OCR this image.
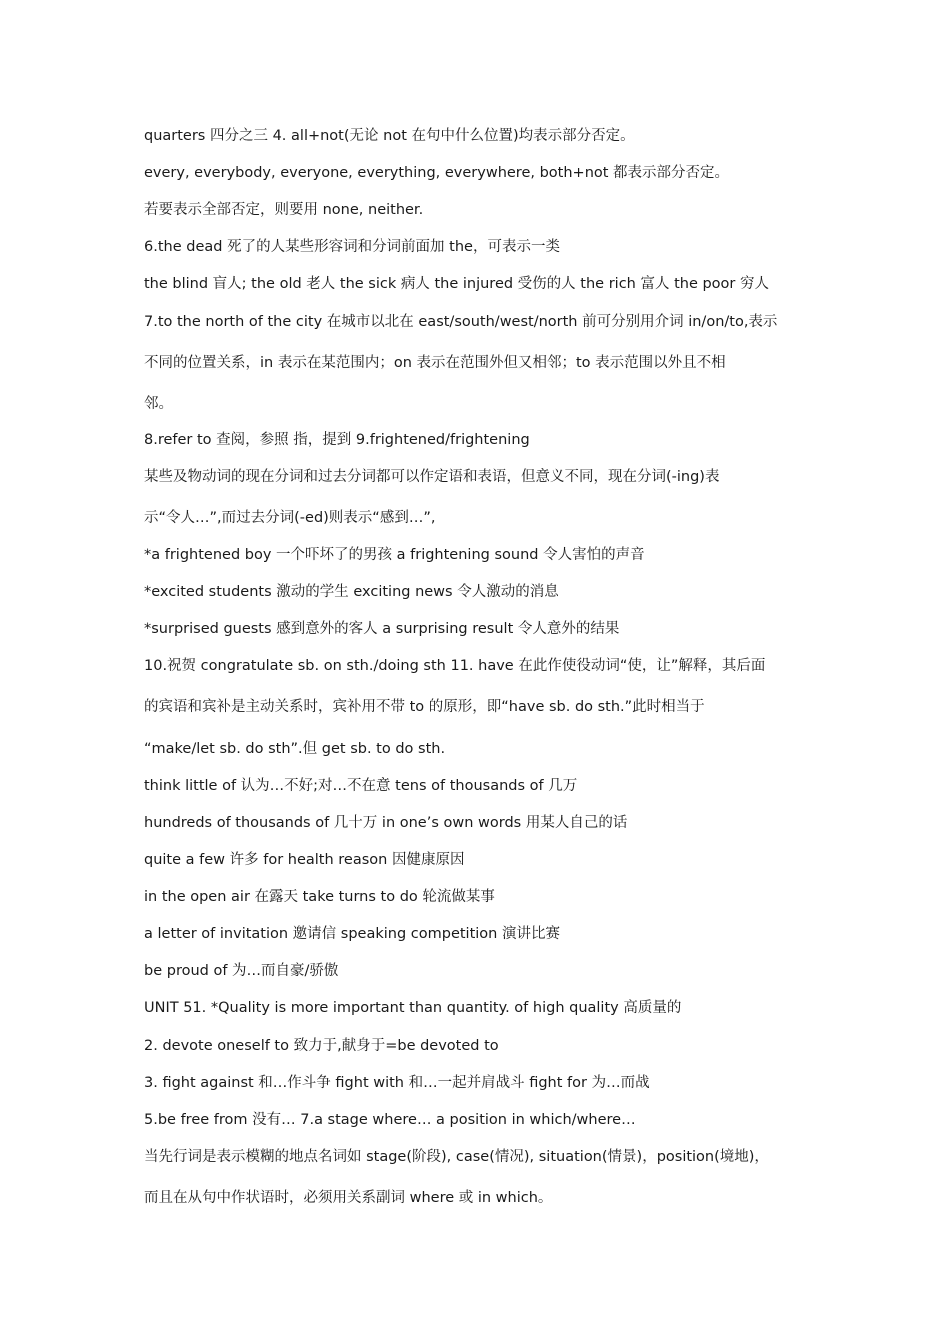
quarters 四分之三 4. all+not(无论 not 在句中什么位置)均表示部分否定。
every, everybody, everyone, everything, everywhere, both+not 都表示部分否定。
若要表示全部否定，则要用 none, neither.
6.the dead 死了的人某些形容词和分词前面加 the，可表示一类
the blind 盲人; the old 老人 the sick 病人 the injured 受伤的人 the rich 富人 the poor 穷人
7.to the north of the city 在城市以北在 east/south/west/north 前可分别用介词 in/on/to,表示
不同的位置关系，in 表示在某范围内；on 表示在范围外但又相邻；to 表示范围以外且不相
邻。
8.refer to 查阅，参照 指，提到 9.frightened/frightening
某些及物动词的现在分词和过去分词都可以作定语和表语，但意义不同，现在分词(-ing)表
示“令人…”,而过去分词(-ed)则表示“感到…”,
*a frightened boy 一个吓坏了的男孩 a frightening sound 令人害怕的声音
*excited students 激动的学生 exciting news 令人激动的消息
*surprised guests 感到意外的客人 a surprising result 令人意外的结果
10.祝贺 congratulate sb. on sth./doing sth 11. have 在此作使役动词“使，让”解释，其后面
的宾语和宾补是主动关系时，宾补用不带 to 的原形，即“have sb. do sth.”此时相当于
“make/let sb. do sth”.但 get sb. to do sth.
think little of 认为…不好;对…不在意 tens of thousands of 几万
hundreds of thousands of 几十万 in one’s own words 用某人自己的话
quite a few 许多 for health reason 因健康原因
in the open air 在露天 take turns to do 轮流做某事
a letter of invitation 邀请信 speaking competition 演讲比赛
be proud of 为…而自豪/骄傲
UNIT 51. *Quality is more important than quantity. of high quality 高质量的
2. devote oneself to 致力于,献身于=be devoted to
3. fight against 和…作斗争 fight with 和…一起并肩战斗 fight for 为…而战
5.be free from 没有… 7.a stage where… a position in which/where…
当先行词是表示模糊的地点名词如 stage(阶段), case(情况), situation(情景)，position(境地)，
而且在从句中作状语时，必须用关系副词 where 或 in which。
